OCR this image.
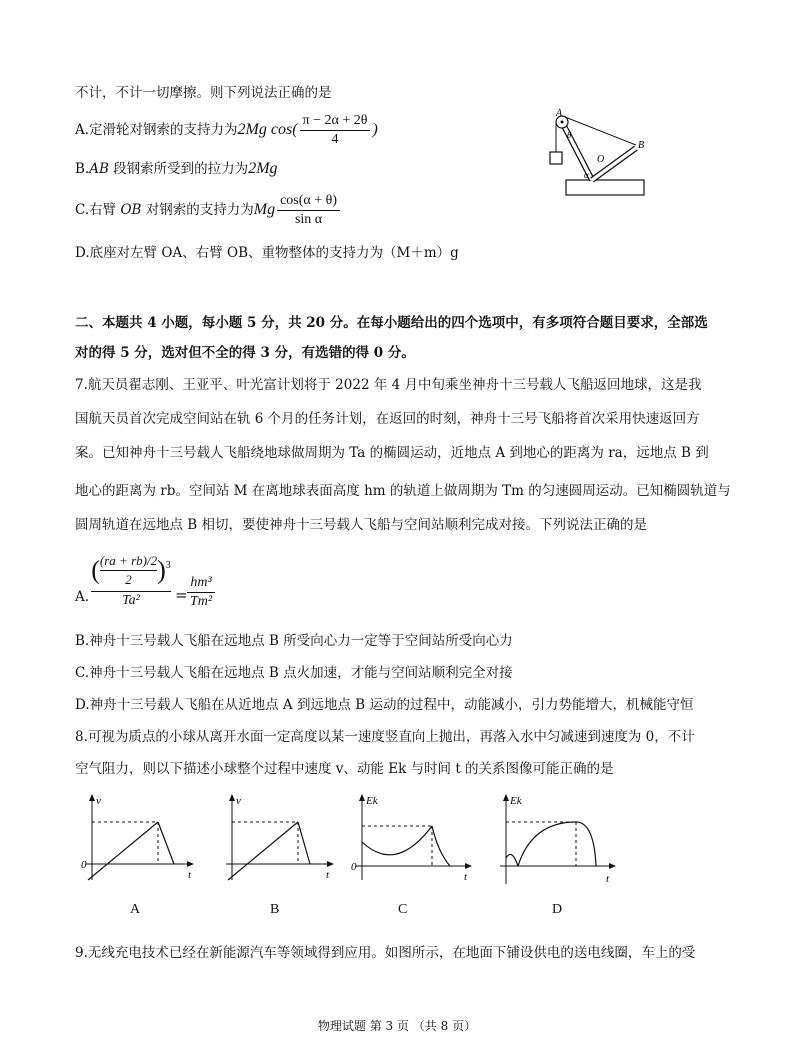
不计，不计一切摩擦。则下列说法正确的是
A.定滑轮对钢索的支持力为2Mg $\cos( \frac{\pi - 2\alpha + 2\theta}{4}$ )
B.AB 段钢索所受到的拉力为2Mg
C.右臂 OB 对钢索的支持力为Mg $\frac{\cos(\alpha + \theta)}{\text{sin α}}$
D.底座对左臂 OA、右臂 OB、重物整体的支持力为（M＋m）g
A
B
O
θ
α
二、本题共 4 小题，每小题 5 分，共 20 分。在每小题给出的四个选项中，有多项符合题目要求，全部选
对的得 5 分，选对但不全的得 3 分，有选错的得 0 分。
7.航天员翟志刚、王亚平、叶光富计划将于 2022 年 4 月中旬乘坐神舟十三号载人飞船返回地球，这是我
国航天员首次完成空间站在轨 6 个月的任务计划，在返回的时刻，神舟十三号飞船将首次采用快速返回方
案。已知神舟十三号载人飞船绕地球做周期为 Ta 的椭圆运动，近地点 A 到地心的距离为 ra，远地点 B 到
地心的距离为 rb。空间站 M 在离地球表面高度 hm 的轨道上做周期为 Tm 的匀速圆周运动。已知椭圆轨道与
圆周轨道在远地点 B 相切，要使神舟十三号载人飞船与空间站顺利完成对接。下列说法正确的是
A.
( $\frac{(ra + rb)/2}{2} )^3$
Ta²	=
hm³
Tm²
B.神舟十三号载人飞船在远地点 B 所受向心力一定等于空间站所受向心力
C.神舟十三号载人飞船在远地点 B 点火加速，才能与空间站顺利完全对接
D.神舟十三号载人飞船在从近地点 A 到远地点 B 运动的过程中，动能减小，引力势能增大，机械能守恒
8.可视为质点的小球从离开水面一定高度以某一速度竖直向上抛出，再落入水中匀减速到速度为 0，不计
空气阻力，则以下描述小球整个过程中速度 v、动能 Ek 与时间 t 的关系图像可能正确的是
v
0
t
A
v
t
B
Ek
0
t
C
Ek
t
D
9.无线充电技术已经在新能源汽车等领域得到应用。如图所示，在地面下铺设供电的送电线圈，车上的受
物理试题 第 3 页 （共 8 页）
